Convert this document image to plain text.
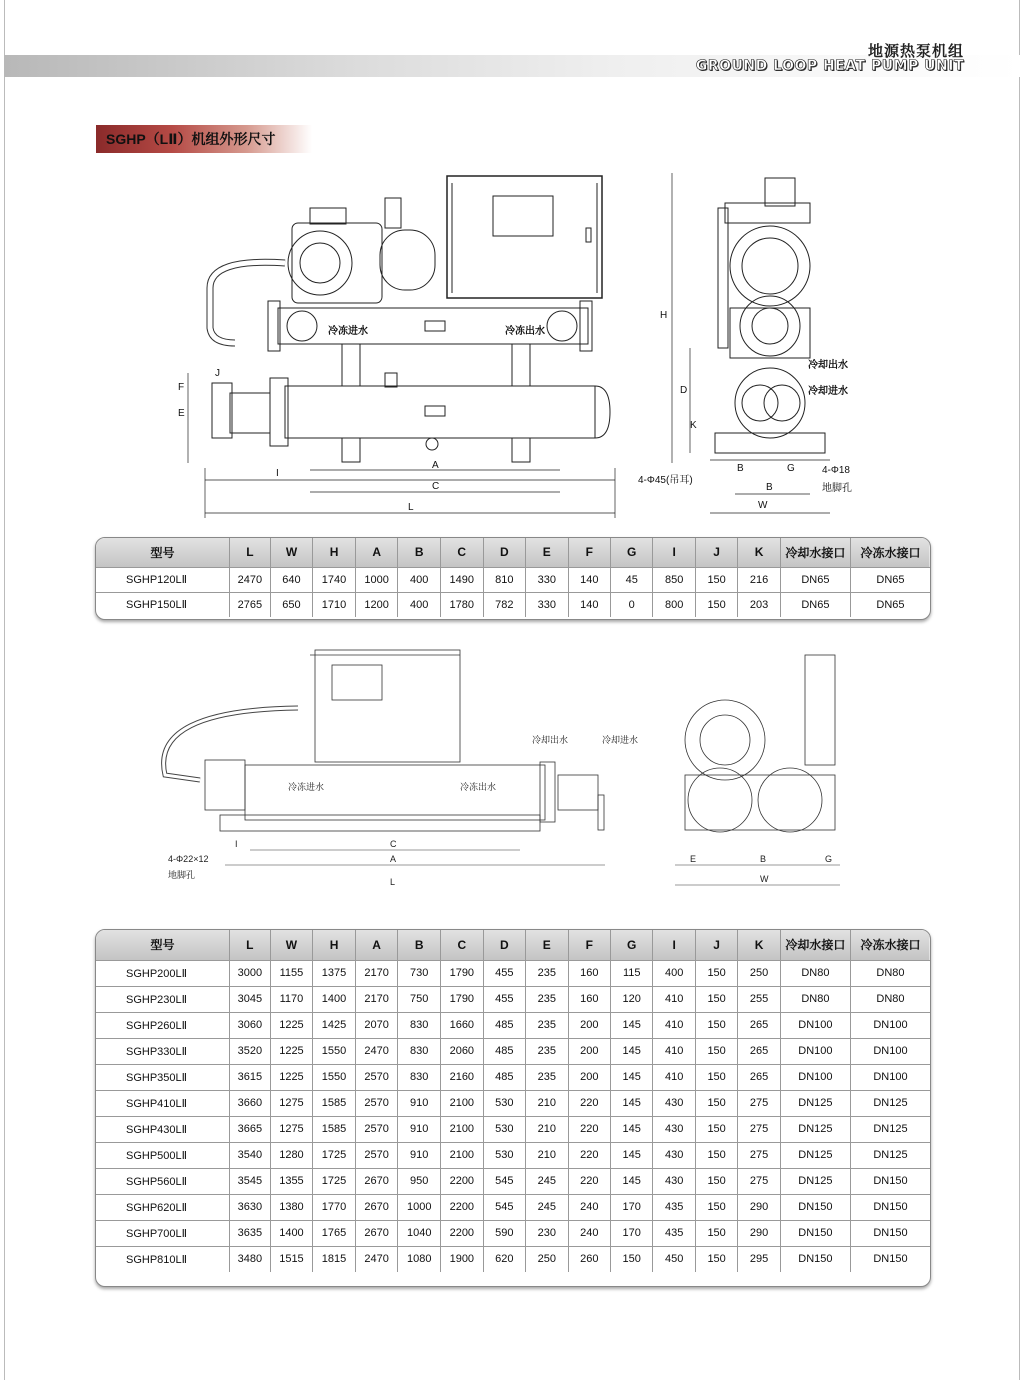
地源热泵机组
GROUND LOOP HEAT PUMP UNIT
SGHP（LⅡ）机组外形尺寸
冷冻进水	冷冻出水
L
A
C
I
J
E
F
H
D
K
冷却出水
冷却进水
4-Φ45(吊耳)
4-Φ18
地脚孔
B	G
B
W
型号	L	W	H	A	B	C	D	E	F	G	I	J	K	冷却水接口	冷冻水接口
SGHP120LⅡ	2470	640	1740	1000	400	1490	810	330	140	45	850	150	216	DN65	DN65
SGHP150LⅡ	2765	650	1710	1200	400	1780	782	330	140	0	800	150	203	DN65	DN65
冷冻进水	冷冻出水
冷却出水	冷却进水
C
A
L
I
4-Φ22×12
地脚孔
E	B	G
W
型号	L	W	H	A	B	C	D	E	F	G	I	J	K	冷却水接口	冷冻水接口
SGHP200LⅡ	3000	1155	1375	2170	730	1790	455	235	160	115	400	150	250	DN80	DN80
SGHP230LⅡ	3045	1170	1400	2170	750	1790	455	235	160	120	410	150	255	DN80	DN80
SGHP260LⅡ	3060	1225	1425	2070	830	1660	485	235	200	145	410	150	265	DN100	DN100
SGHP330LⅡ	3520	1225	1550	2470	830	2060	485	235	200	145	410	150	265	DN100	DN100
SGHP350LⅡ	3615	1225	1550	2570	830	2160	485	235	200	145	410	150	265	DN100	DN100
SGHP410LⅡ	3660	1275	1585	2570	910	2100	530	210	220	145	430	150	275	DN125	DN125
SGHP430LⅡ	3665	1275	1585	2570	910	2100	530	210	220	145	430	150	275	DN125	DN125
SGHP500LⅡ	3540	1280	1725	2570	910	2100	530	210	220	145	430	150	275	DN125	DN125
SGHP560LⅡ	3545	1355	1725	2670	950	2200	545	245	220	145	430	150	275	DN125	DN150
SGHP620LⅡ	3630	1380	1770	2670	1000	2200	545	245	240	170	435	150	290	DN150	DN150
SGHP700LⅡ	3635	1400	1765	2670	1040	2200	590	230	240	170	435	150	290	DN150	DN150
SGHP810LⅡ	3480	1515	1815	2470	1080	1900	620	250	260	150	450	150	295	DN150	DN150
